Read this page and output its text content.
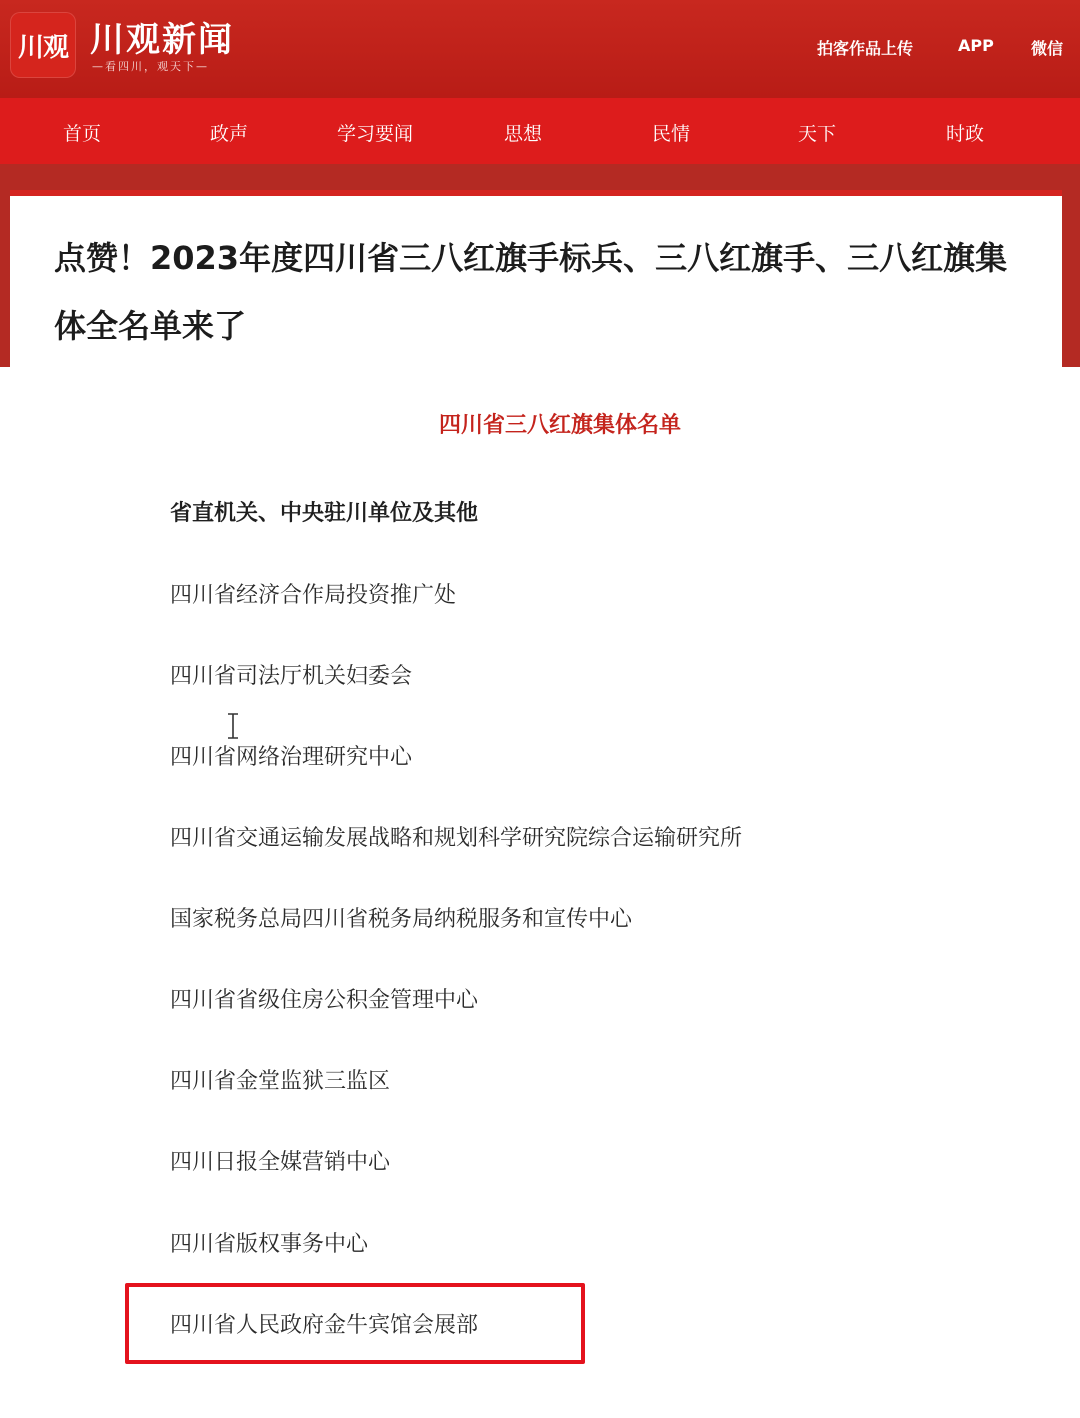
川观 川观新闻
—看四川，观天下—
拍客作品上传	APP 微信
首页	政声	学习要闻	思想	民情	天下	时政
点赞！2023年度四川省三八红旗手标兵、三八红旗手、三八红旗集体全名单来了
四川省三八红旗集体名单
省直机关、中央驻川单位及其他
四川省经济合作局投资推广处
四川省司法厅机关妇委会
四川省网络治理研究中心
四川省交通运输发展战略和规划科学研究院综合运输研究所
国家税务总局四川省税务局纳税服务和宣传中心
四川省省级住房公积金管理中心
四川省金堂监狱三监区
四川日报全媒营销中心
四川省版权事务中心
四川省人民政府金牛宾馆会展部
